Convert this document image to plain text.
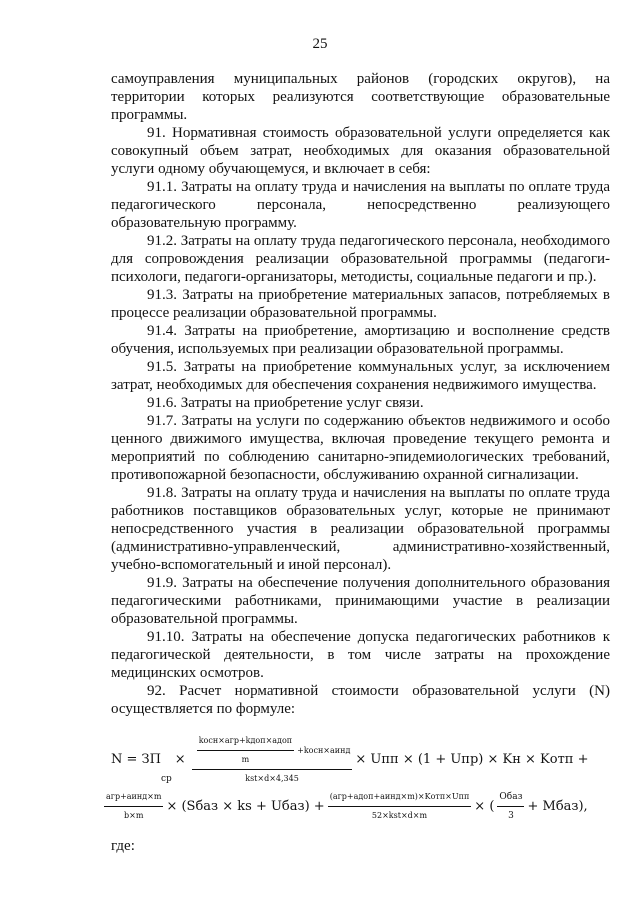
25

самоуправления муниципальных районов (городских округов), на территории которых реализуются соответствующие образовательные программы.

91. Нормативная стоимость образовательной услуги определяется как совокупный объем затрат, необходимых для оказания образовательной услуги одному обучающемуся, и включает в себя:

91.1. Затраты на оплату труда и начисления на выплаты по оплате труда педагогического персонала, непосредственно реализующего образовательную программу.

91.2. Затраты на оплату труда педагогического персонала, необходимого для сопровождения реализации образовательной программы (педагоги-психологи, педагоги-организаторы, методисты, социальные педагоги и пр.).

91.3. Затраты на приобретение материальных запасов, потребляемых в процессе реализации образовательной программы.

91.4. Затраты на приобретение, амортизацию и восполнение средств обучения, используемых при реализации образовательной программы.

91.5. Затраты на приобретение коммунальных услуг, за исключением затрат, необходимых для обеспечения сохранения недвижимого имущества.

91.6. Затраты на приобретение услуг связи.

91.7. Затраты на услуги по содержанию объектов недвижимого и особо ценного движимого имущества, включая проведение текущего ремонта и мероприятий по соблюдению санитарно-эпидемиологических требований, противопожарной безопасности, обслуживанию охранной сигнализации.

91.8. Затраты на оплату труда и начисления на выплаты по оплате труда работников поставщиков образовательных услуг, которые не принимают непосредственного участия в реализации образовательной программы (административно-управленческий, административно-хозяйственный, учебно-вспомогательный и иной персонал).

91.9. Затраты на обеспечение получения дополнительного образования педагогическими работниками, принимающими участие в реализации образовательной программы.

91.10. Затраты на обеспечение допуска педагогических работников к педагогической деятельности, в том числе затраты на прохождение медицинских осмотров.

92. Расчет нормативной стоимости образовательной услуги (N) осуществляется по формуле:

N = ЗП
ср
× $\frac{\text{kосн×aгр+kдоп×aдоп}}{m}$ +kосн×aинд
kst×d×4,345
× Uпп × (1 + Uпр) × Kн × Kотп +
$\frac{\text{aгр+aинд×m}}{b\times m}$ × (Sбаз × ks + Uбаз) + $\frac{\text{(aгр+aдоп+aинд×m)×Kотп×Uпп}}{\text{52×kst×d×m}}$ × ( $\frac{\text{Oбаз}}{3}$ + Mбаз),
где:
